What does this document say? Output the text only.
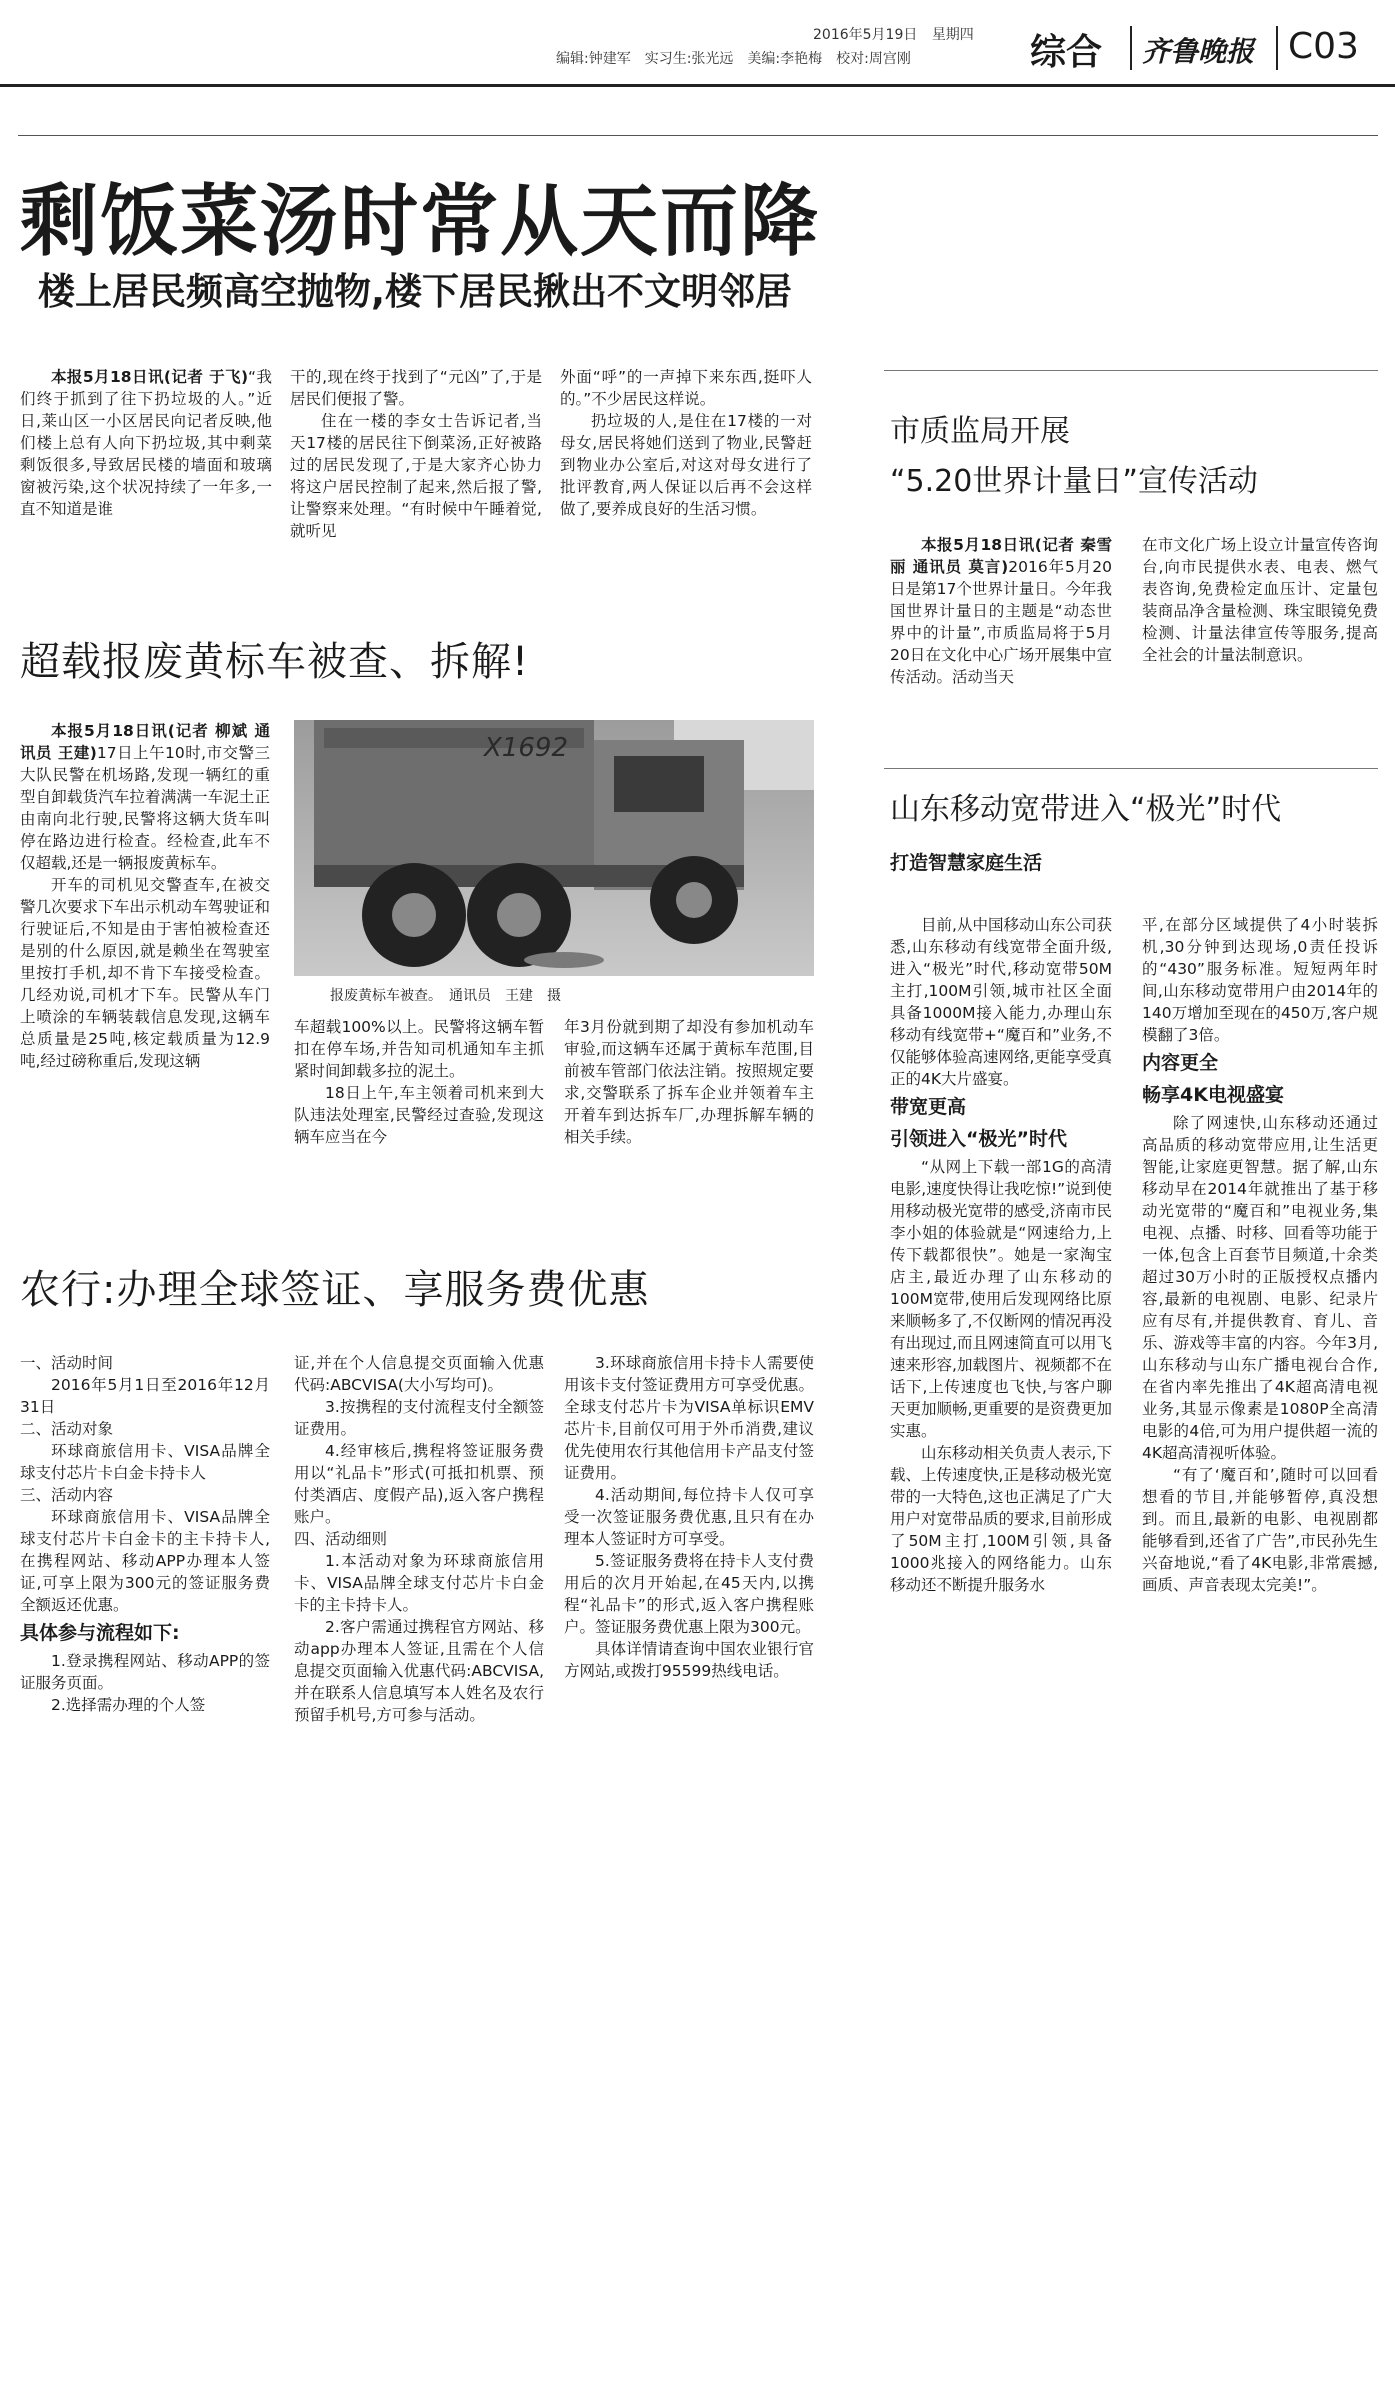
2016年5月19日 星期四
编辑:钟建军　实习生:张光远　美编:李艳梅　校对:周宫刚	综合 齐鲁晚报 C03
剩饭菜汤时常从天而降
楼上居民频高空抛物,楼下居民揪出不文明邻居

本报5月18日讯(记者 于飞)“我们终于抓到了往下扔垃圾的人。”近日,莱山区一小区居民向记者反映,他们楼上总有人向下扔垃圾,其中剩菜剩饭很多,导致居民楼的墙面和玻璃窗被污染,这个状况持续了一年多,一直不知道是谁

干的,现在终于找到了“元凶”了,于是居民们便报了警。

住在一楼的李女士告诉记者,当天17楼的居民往下倒菜汤,正好被路过的居民发现了,于是大家齐心协力将这户居民控制了起来,然后报了警,让警察来处理。“有时候中午睡着觉,就听见

外面“呼”的一声掉下来东西,挺吓人的。”不少居民这样说。

扔垃圾的人,是住在17楼的一对母女,居民将她们送到了物业,民警赶到物业办公室后,对这对母女进行了批评教育,两人保证以后再不会这样做了,要养成良好的生活习惯。

超载报废黄标车被查、拆解!

本报5月18日讯(记者 柳斌 通讯员 王建)17日上午10时,市交警三大队民警在机场路,发现一辆红的重型自卸载货汽车拉着满满一车泥土正由南向北行驶,民警将这辆大货车叫停在路边进行检查。经检查,此车不仅超载,还是一辆报废黄标车。

开车的司机见交警查车,在被交警几次要求下车出示机动车驾驶证和行驶证后,不知是由于害怕被检查还是别的什么原因,就是赖坐在驾驶室里按打手机,却不肯下车接受检查。几经劝说,司机才下车。民警从车门上喷涂的车辆装载信息发现,这辆车总质量是25吨,核定载质量为12.9吨,经过磅称重后,发现这辆

X1692
报废黄标车被查。　通讯员　王建　摄

车超载100%以上。民警将这辆车暂扣在停车场,并告知司机通知车主抓紧时间卸载多拉的泥土。

18日上午,车主领着司机来到大队违法处理室,民警经过查验,发现这辆车应当在今

年3月份就到期了却没有参加机动车审验,而这辆车还属于黄标车范围,目前被车管部门依法注销。按照规定要求,交警联系了拆车企业并领着车主开着车到达拆车厂,办理拆解车辆的相关手续。

农行:办理全球签证、享服务费优惠

一、活动时间

2016年5月1日至2016年12月31日

二、活动对象

环球商旅信用卡、VISA品牌全球支付芯片卡白金卡持卡人

三、活动内容

环球商旅信用卡、VISA品牌全球支付芯片卡白金卡的主卡持卡人,在携程网站、移动APP办理本人签证,可享上限为300元的签证服务费全额返还优惠。

具体参与流程如下:

1.登录携程网站、移动APP的签证服务页面。

2.选择需办理的个人签

证,并在个人信息提交页面输入优惠代码:ABCVISA(大小写均可)。

3.按携程的支付流程支付全额签证费用。

4.经审核后,携程将签证服务费用以“礼品卡”形式(可抵扣机票、预付类酒店、度假产品),返入客户携程账户。

四、活动细则

1.本活动对象为环球商旅信用卡、VISA品牌全球支付芯片卡白金卡的主卡持卡人。

2.客户需通过携程官方网站、移动app办理本人签证,且需在个人信息提交页面输入优惠代码:ABCVISA,并在联系人信息填写本人姓名及农行预留手机号,方可参与活动。

3.环球商旅信用卡持卡人需要使用该卡支付签证费用方可享受优惠。全球支付芯片卡为VISA单标识EMV芯片卡,目前仅可用于外币消费,建议优先使用农行其他信用卡产品支付签证费用。

4.活动期间,每位持卡人仅可享受一次签证服务费优惠,且只有在办理本人签证时方可享受。

5.签证服务费将在持卡人支付费用后的次月开始起,在45天内,以携程“礼品卡”的形式,返入客户携程账户。签证服务费优惠上限为300元。

具体详情请查询中国农业银行官方网站,或拨打95599热线电话。

市质监局开展
“5.20世界计量日”宣传活动

本报5月18日讯(记者 秦雪丽 通讯员 莫言)2016年5月20日是第17个世界计量日。今年我国世界计量日的主题是“动态世界中的计量”,市质监局将于5月20日在文化中心广场开展集中宣传活动。活动当天

在市文化广场上设立计量宣传咨询台,向市民提供水表、电表、燃气表咨询,免费检定血压计、定量包装商品净含量检测、珠宝眼镜免费检测、计量法律宣传等服务,提高全社会的计量法制意识。

山东移动宽带进入“极光”时代
打造智慧家庭生活

目前,从中国移动山东公司获悉,山东移动有线宽带全面升级,进入“极光”时代,移动宽带50M主打,100M引领,城市社区全面具备1000M接入能力,办理山东移动有线宽带+“魔百和”业务,不仅能够体验高速网络,更能享受真正的4K大片盛宴。

带宽更高

引领进入“极光”时代

“从网上下载一部1G的高清电影,速度快得让我吃惊!”说到使用移动极光宽带的感受,济南市民李小姐的体验就是“网速给力,上传下载都很快”。她是一家淘宝店主,最近办理了山东移动的100M宽带,使用后发现网络比原来顺畅多了,不仅断网的情况再没有出现过,而且网速简直可以用飞速来形容,加载图片、视频都不在话下,上传速度也飞快,与客户聊天更加顺畅,更重要的是资费更加实惠。

山东移动相关负责人表示,下载、上传速度快,正是移动极光宽带的一大特色,这也正满足了广大用户对宽带品质的要求,目前形成了50M主打,100M引领,具备1000兆接入的网络能力。山东移动还不断提升服务水

平,在部分区域提供了4小时装拆机,30分钟到达现场,0责任投诉的“430”服务标准。短短两年时间,山东移动宽带用户由2014年的140万增加至现在的450万,客户规模翻了3倍。

内容更全

畅享4K电视盛宴

除了网速快,山东移动还通过高品质的移动宽带应用,让生活更智能,让家庭更智慧。据了解,山东移动早在2014年就推出了基于移动光宽带的“魔百和”电视业务,集电视、点播、时移、回看等功能于一体,包含上百套节目频道,十余类超过30万小时的正版授权点播内容,最新的电视剧、电影、纪录片应有尽有,并提供教育、育儿、音乐、游戏等丰富的内容。今年3月,山东移动与山东广播电视台合作,在省内率先推出了4K超高清电视业务,其显示像素是1080P全高清电影的4倍,可为用户提供超一流的4K超高清视听体验。

“有了‘魔百和’,随时可以回看想看的节目,并能够暂停,真没想到。而且,最新的电影、电视剧都能够看到,还省了广告”,市民孙先生兴奋地说,“看了4K电影,非常震撼,画质、声音表现太完美!”。
